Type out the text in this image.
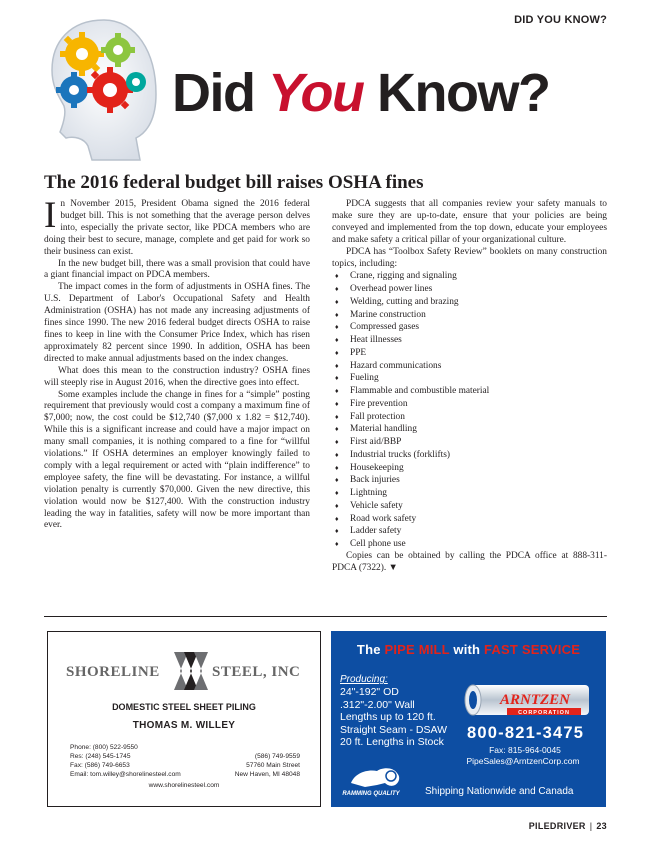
DID YOU KNOW?
Did You Know?
The 2016 federal budget bill raises OSHA fines

In November 2015, President Obama signed the 2016 federal budget bill. This is not something that the average person delves into, especially the private sector, like PDCA members who are doing their best to secure, manage, complete and get paid for work so their business can exist.

In the new budget bill, there was a small provision that could have a giant financial impact on PDCA members.

The impact comes in the form of adjustments in OSHA fines. The U.S. Department of Labor's Occupational Safety and Health Administration (OSHA) has not made any increasing adjustments of fines since 1990. The new 2016 federal budget directs OSHA to raise fines to keep in line with the Consumer Price Index, which has risen approximately 82 percent since 1990. In addition, OSHA has been directed to make annual adjustments based on the index changes.

What does this mean to the construction industry? OSHA fines will steeply rise in August 2016, when the directive goes into effect.

Some examples include the change in fines for a “simple” posting requirement that previously would cost a company a maximum fine of $7,000; now, the cost could be $12,740 ($7,000 x 1.82 = $12,740). While this is a significant increase and could have a major impact on many small companies, it is nothing compared to a fine for “willful violations.” If OSHA determines an employer knowingly failed to comply with a legal requirement or acted with “plain indifference” to employee safety, the fine will be devastating. For instance, a willful violation penalty is currently $70,000. Given the new directive, this violation would now be $127,400. With the construction industry leading the way in fatalities, safety will now be more important than ever.

PDCA suggests that all companies review your safety manuals to make sure they are up-to-date, ensure that your policies are being conveyed and implemented from the top down, educate your employees and make safety a critical pillar of your organizational culture.

PDCA has “Toolbox Safety Review” booklets on many construction topics, including:

♦ Crane, rigging and signaling
♦ Overhead power lines
♦ Welding, cutting and brazing
♦ Marine construction
♦ Compressed gases
♦ Heat illnesses
♦ PPE
♦ Hazard communications
♦ Fueling
♦ Flammable and combustible material
♦ Fire prevention
♦ Fall protection
♦ Material handling
♦ First aid/BBP
♦ Industrial trucks (forklifts)
♦ Housekeeping
♦ Back injuries
♦ Lightning
♦ Vehicle safety
♦ Road work safety
♦ Ladder safety
♦ Cell phone use

Copies can be obtained by calling the PDCA office at 888-311-PDCA (7322). ▼

SHORELINE	STEEL, INC
DOMESTIC STEEL SHEET PILING
THOMAS M. WILLEY
Phone: (800) 522-9550
Res: (248) 545-1745
Fax: (586) 749-6653
Email: tom.willey@shorelinesteel.com
(586) 749-9559
57760 Main Street
New Haven, MI 48048
www.shorelinesteel.com
The PIPE MILL with FAST SERVICE
Producing:
24"-192" OD
.312"-2.00" Wall
Lengths up to 120 ft.
Straight Seam - DSAW
20 ft. Lengths in Stock
ARNTZEN
CORPORATION
800-821-3475
Fax: 815-964-0045
PipeSales@ArntzenCorp.com
RAMMING QUALITY	Shipping Nationwide and Canada
PILEDRIVER | 23
